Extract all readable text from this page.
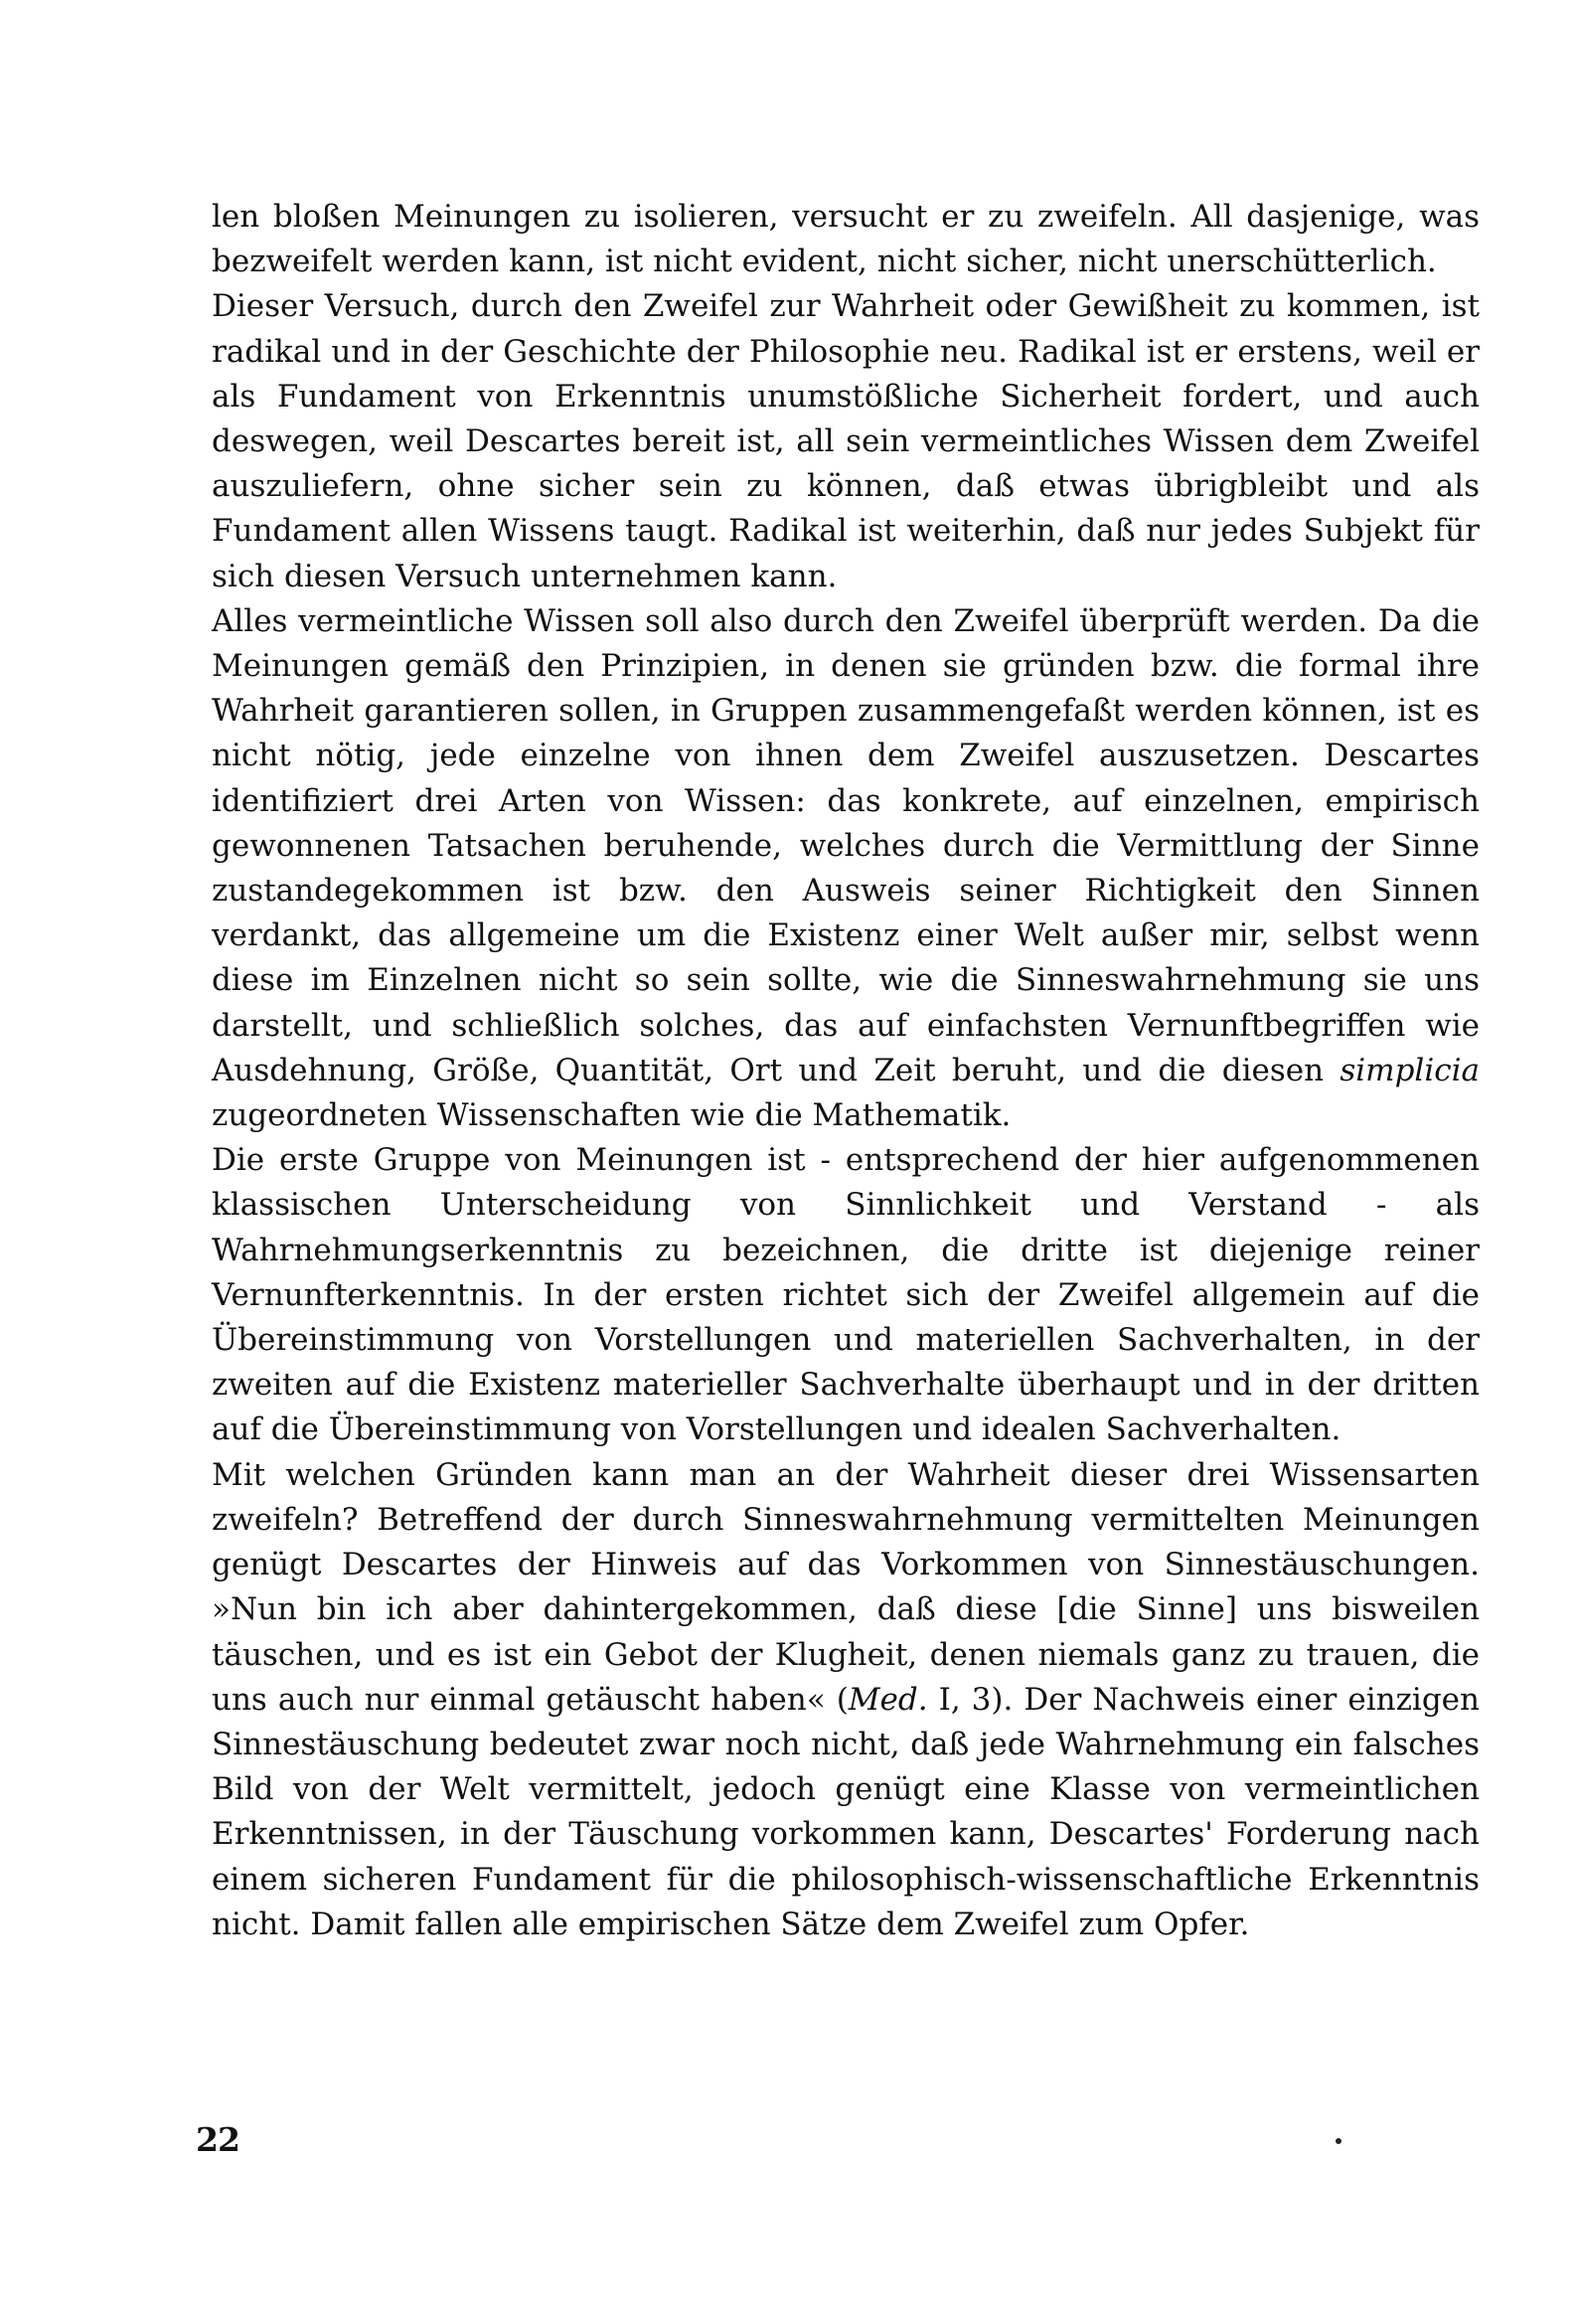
len bloßen Meinungen zu isolieren, versucht er zu zweifeln. All dasjenige, was bezweifelt werden kann, ist nicht evident, nicht sicher, nicht unerschütterlich.

Dieser Versuch, durch den Zweifel zur Wahrheit oder Gewißheit zu kommen, ist radikal und in der Geschichte der Philosophie neu. Radikal ist er erstens, weil er als Fundament von Erkenntnis unumstößliche Sicherheit fordert, und auch deswegen, weil Descartes bereit ist, all sein vermeintliches Wissen dem Zweifel auszuliefern, ohne sicher sein zu können, daß etwas übrigbleibt und als Fundament allen Wissens taugt. Radikal ist weiterhin, daß nur jedes Subjekt für sich diesen Versuch unternehmen kann.

Alles vermeintliche Wissen soll also durch den Zweifel überprüft werden. Da die Meinungen gemäß den Prinzipien, in denen sie gründen bzw. die formal ihre Wahrheit garantieren sollen, in Gruppen zusammengefaßt werden können, ist es nicht nötig, jede einzelne von ihnen dem Zweifel auszusetzen. Descartes identifiziert drei Arten von Wissen: das konkrete, auf einzelnen, empirisch gewonnenen Tatsachen beruhende, welches durch die Vermittlung der Sinne zustandegekommen ist bzw. den Ausweis seiner Richtigkeit den Sinnen verdankt, das allgemeine um die Existenz einer Welt außer mir, selbst wenn diese im Einzelnen nicht so sein sollte, wie die Sinneswahrnehmung sie uns darstellt, und schließlich solches, das auf einfachsten Vernunftbegriffen wie Ausdehnung, Größe, Quantität, Ort und Zeit beruht, und die diesen simplicia zugeordneten Wissenschaften wie die Mathematik.

Die erste Gruppe von Meinungen ist - entsprechend der hier aufgenommenen klassischen Unterscheidung von Sinnlichkeit und Verstand - als Wahrnehmungserkenntnis zu bezeichnen, die dritte ist diejenige reiner Vernunfterkenntnis. In der ersten richtet sich der Zweifel allgemein auf die Übereinstimmung von Vorstellungen und materiellen Sachverhalten, in der zweiten auf die Existenz materieller Sachverhalte überhaupt und in der dritten auf die Übereinstimmung von Vorstellungen und idealen Sachverhalten.

Mit welchen Gründen kann man an der Wahrheit dieser drei Wissensarten zweifeln? Betreffend der durch Sinneswahrnehmung vermittelten Meinungen genügt Descartes der Hinweis auf das Vorkommen von Sinnestäuschungen. »Nun bin ich aber dahintergekommen, daß diese [die Sinne] uns bisweilen täuschen, und es ist ein Gebot der Klugheit, denen niemals ganz zu trauen, die uns auch nur einmal getäuscht haben« (Med. I, 3). Der Nachweis einer einzigen Sinnestäuschung bedeutet zwar noch nicht, daß jede Wahrnehmung ein falsches Bild von der Welt vermittelt, jedoch genügt eine Klasse von vermeintlichen Erkenntnissen, in der Täuschung vorkommen kann, Descartes' Forderung nach einem sicheren Fundament für die philosophisch-wissenschaftliche Erkenntnis nicht. Damit fallen alle empirischen Sätze dem Zweifel zum Opfer.

22
